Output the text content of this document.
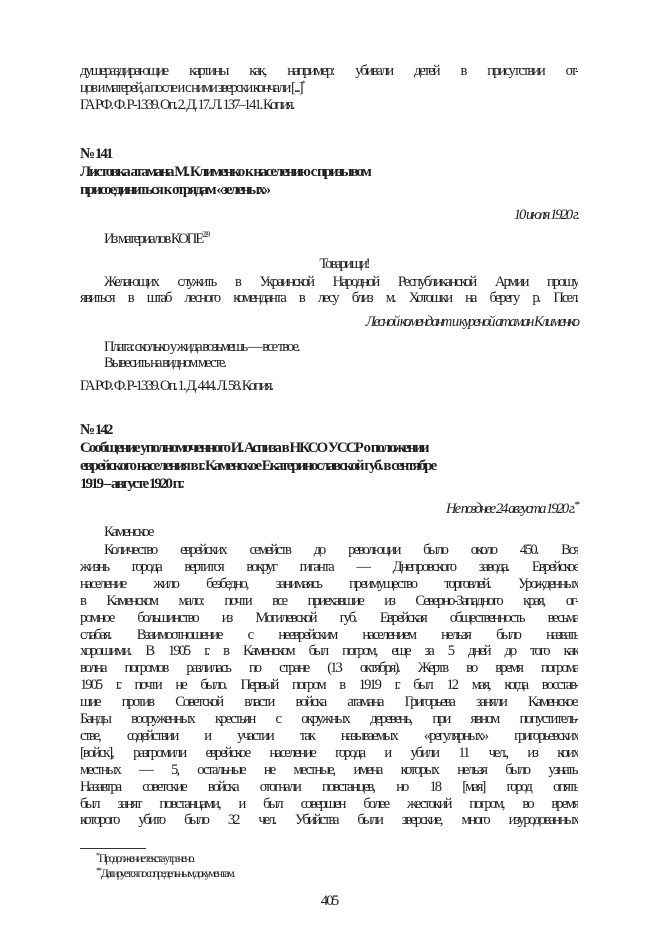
душераздирающие картины как, например: убивали детей в присутствии от-
цов и матерей, а после и с ними зверски кончали [...]*
ГА РФ. Ф. Р-1339. Оп. 2. Д. 17. Л. 137–141. Копия.
№ 141
Листовка атамана М. Клименко к населению с призывом
присоединиться к отрядам «зеленых»
10 июля 1920 г.
Из материалов КОПЕ$^{229}$
Товарищи!
Желающих служить в Украинской Народной Республиканской Армии прошу
явиться в штаб лесного коменданта в лесу близ м. Хотошки на берегу р. Псел.
Лесной комендант и куреной атаман Клименко
Плата: сколько у жида возьмешь — все твое.
Вывесить на видном месте.
ГА РФ. Ф. Р-1339. Оп. 1. Д. 444. Л. 58. Копия.
№ 142
Сообщение уполномоченного И. Аспиза в НКСО УССР о положении
еврейского населения в г. Каменское Екатеринославской губ. в сентябре
1919 – августе 1920 гг.
Не позднее 24 августа 1920 г.**
Каменское
Количество еврейских семейств до революции было около 450. Вся
жизнь города вертится вокруг гиганта — Днепровского завода. Еврейское
население жило безбедно, занимаясь преимущество торговлей. Урожденных
в Каменском мало: почти все приехавшие из Северно-Западного края, ог-
ромное большинство из Могилевской губ. Еврейская общественность весьма
слабая. Взаимоотношение с нееврейским населением нельзя было назвать
хорошими. В 1905 г. в Каменском был погром, еще за 5 дней до того как
волна погромов разлилась по стране (13 октября). Жертв во время погрома
1905 г. почти не было. Первый погром в 1919 г. был 12 мая, когда восстав-
шие против Советской власти войска атамана Григорьева заняли Каменское.
Банды вооруженных крестьян с окружных деревень, при явном попуститель-
стве, содействии и участии так называемых «регулярных» григорьевских
[войск], разгромили еврейское население города и убили 11 чел., из коих
местных — 5, остальные не местные, имена которых нельзя было узнать.
Назавтра советские войска отогнали повстанцев, но 18 [мая] город опять
был занят повстанцами, и был совершен более жестокий погром, во время
которого убито было 32 чел. Убийства были зверские, много изуродованных
* Продолжение текста утрачено.
** Датируется по сопредельным документам.
405
